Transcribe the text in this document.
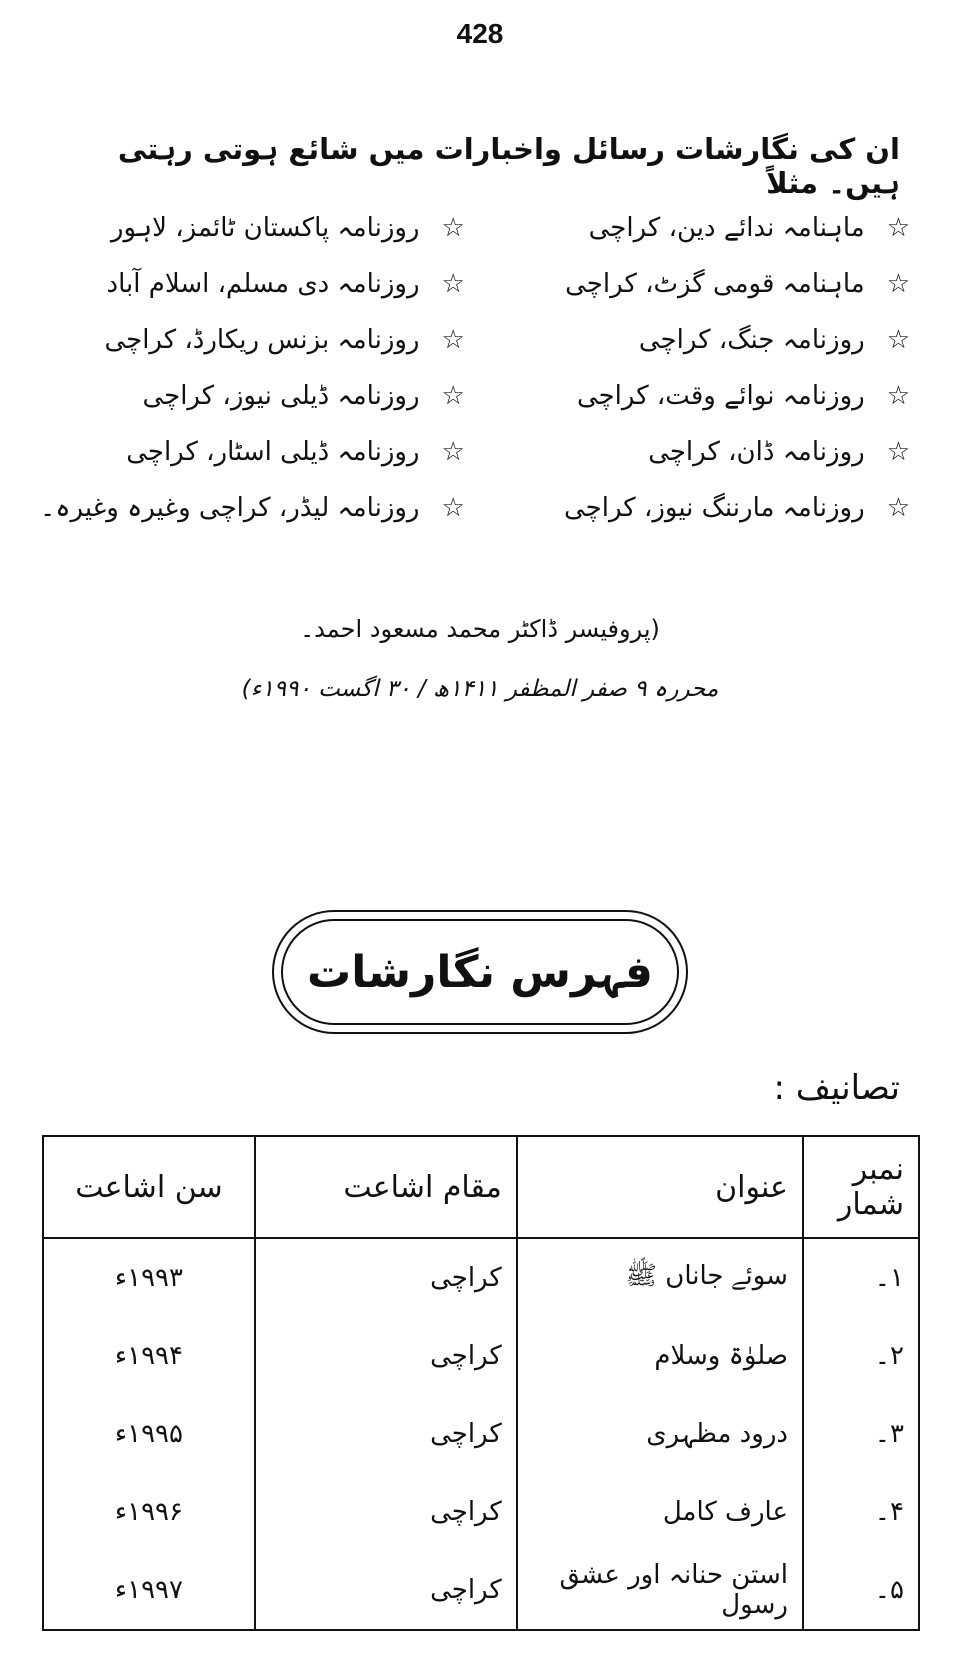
428
ان کی نگارشات رسائل واخبارات میں شائع ہوتی رہتی ہیں۔ مثلاً
☆
ماہنامہ ندائے دین، کراچی
☆
ماہنامہ قومی گزٹ، کراچی
☆
روزنامہ جنگ، کراچی
☆
روزنامہ نوائے وقت، کراچی
☆
روزنامہ ڈان، کراچی
☆
روزنامہ مارننگ نیوز، کراچی
☆
روزنامہ پاکستان ٹائمز، لاہور
☆
روزنامہ دی مسلم، اسلام آباد
☆
روزنامہ بزنس ریکارڈ، کراچی
☆
روزنامہ ڈیلی نیوز، کراچی
☆
روزنامہ ڈیلی اسٹار، کراچی
☆
روزنامہ لیڈر، کراچی وغیرہ وغیرہ۔
(پروفیسر ڈاکٹر محمد مسعود احمد۔
محررہ ۹ صفر المظفر ۱۴۱۱ھ / ۳۰ اگست ۱۹۹۰ء)
فہرس نگارشات
تصانیف :
نمبر شمار	عنوان	مقام اشاعت	سن اشاعت
۱۔	سوئے جاناں ﷺ	کراچی	۱۹۹۳ء
۲۔	صلوٰۃ وسلام	کراچی	۱۹۹۴ء
۳۔	درود مظہری	کراچی	۱۹۹۵ء
۴۔	عارف کامل	کراچی	۱۹۹۶ء
۵۔	استن حنانہ اور عشق رسول	کراچی	۱۹۹۷ء
